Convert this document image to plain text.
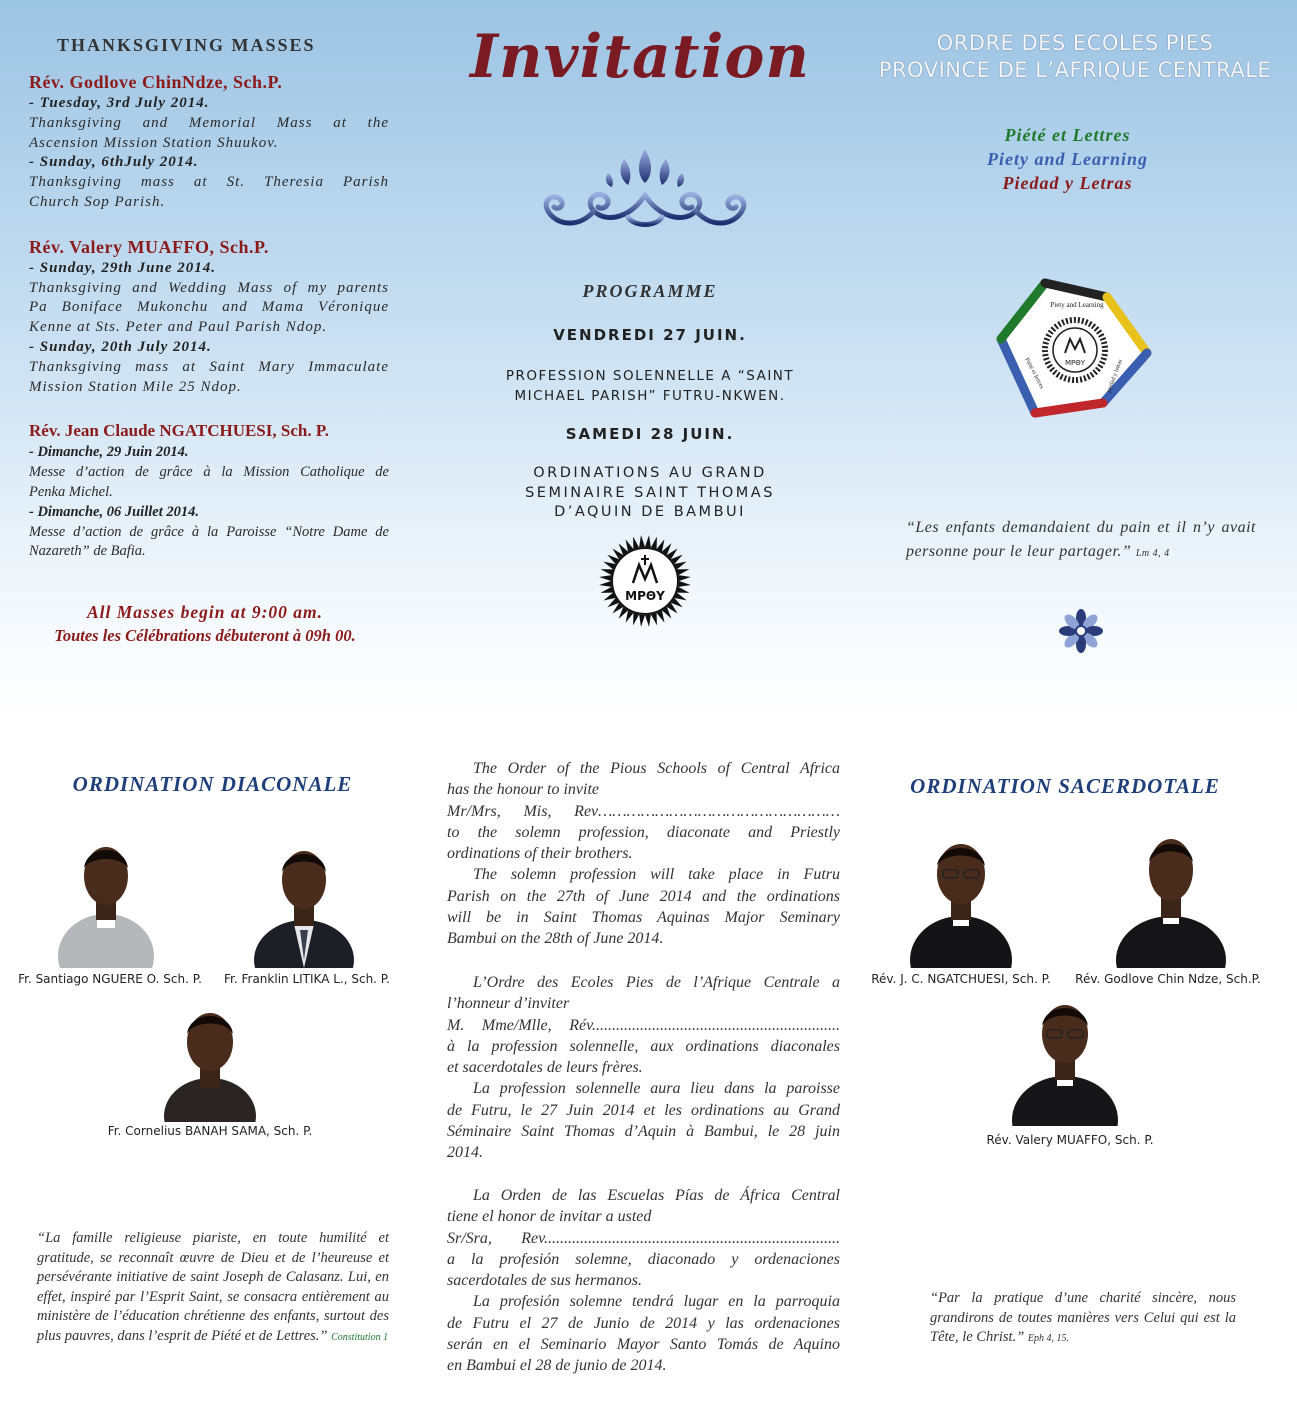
THANKSGIVING MASSES
Rév. Godlove ChinNdze, Sch.P.
- Tuesday, 3rd July 2014.
Thanksgiving and Memorial Mass at the
Ascension Mission Station Shuukov.
- Sunday, 6thJuly 2014.
Thanksgiving mass at St. Theresia Parish
Church Sop Parish.
Rév. Valery MUAFFO, Sch.P.
- Sunday, 29th June 2014.
Thanksgiving and Wedding Mass of my parents
Pa Boniface Mukonchu and Mama Véronique
Kenne at Sts. Peter and Paul Parish Ndop.
- Sunday, 20th July 2014.
Thanksgiving mass at Saint Mary Immaculate
Mission Station Mile 25 Ndop.
Rév. Jean Claude NGATCHUESI, Sch. P.
- Dimanche, 29 Juin 2014.
Messe d’action de grâce à la Mission Catholique de
Penka Michel.
- Dimanche, 06 Juillet 2014.
Messe d’action de grâce à la Paroisse “Notre Dame de
Nazareth” de Bafia.
All Masses begin at 9:00 am.
Toutes les Célébrations débuteront à 09h 00.
Invitation
PROGRAMME
VENDREDI 27 JUIN.
PROFESSION SOLENNELLE A “SAINT
MICHAEL PARISH” FUTRU-NKWEN.
SAMEDI 28 JUIN.
ORDINATIONS AU GRAND
SEMINAIRE SAINT THOMAS
D’AQUIN DE BAMBUI
MPΘY
ORDRE DES ECOLES PIES
PROVINCE DE L’AFRIQUE CENTRALE
Piété et Lettres
Piety and Learning
Piedad y Letras
MPΘY
Piety and Learning
Piété et lettres	piedad y letras
“Les enfants demandaient du pain et il n’y avait personne pour le leur partager.” Lm 4, 4
ORDINATION DIACONALE
Fr. Santiago NGUERE O. Sch. P.	Fr. Franklin LITIKA L., Sch. P.
Fr. Cornelius BANAH SAMA, Sch. P.
“La famille religieuse piariste, en toute humilité et gratitude, se reconnaît œuvre de Dieu et de l’heureuse et persévérante initiative de saint Joseph de Calasanz. Lui, en effet, inspiré par l’Esprit Saint, se consacra entièrement au ministère de l’éducation chrétienne des enfants, surtout des plus pauvres, dans l’esprit de Piété et de Lettres.” Constitution 1
The Order of the Pious Schools of Central Africa
has the honour to invite
Mr/Mrs, Mis, Rev……………………………………………
to the solemn profession, diaconate and Priestly
ordinations of their brothers.
The solemn profession will take place in Futru
Parish on the 27th of June 2014 and the ordinations
will be in Saint Thomas Aquinas Major Seminary
Bambui on the 28th of June 2014.
L’Ordre des Ecoles Pies de l’Afrique Centrale a
l’honneur d’inviter
M. Mme/Mlle, Rév..............................................................
à la profession solennelle, aux ordinations diaconales
et sacerdotales de leurs frères.
La profession solennelle aura lieu dans la paroisse
de Futru, le 27 Juin 2014 et les ordinations au Grand
Séminaire Saint Thomas d’Aquin à Bambui, le 28 juin
2014.
La Orden de las Escuelas Pías de África Central
tiene el honor de invitar a usted
Sr/Sra, Rev..........................................................................
a la profesión solemne, diaconado y ordenaciones
sacerdotales de sus hermanos.
La profesión solemne tendrá lugar en la parroquia
de Futru el 27 de Junio de 2014 y las ordenaciones
serán en el Seminario Mayor Santo Tomás de Aquino
en Bambui el 28 de junio de 2014.
ORDINATION SACERDOTALE
Rév. J. C. NGATCHUESI, Sch. P.	Rév. Godlove Chin Ndze, Sch.P.
Rév. Valery MUAFFO, Sch. P.
“Par la pratique d’une charité sincère, nous grandirons de toutes manières vers Celui qui est la Tête, le Christ.” Eph 4, 15.
